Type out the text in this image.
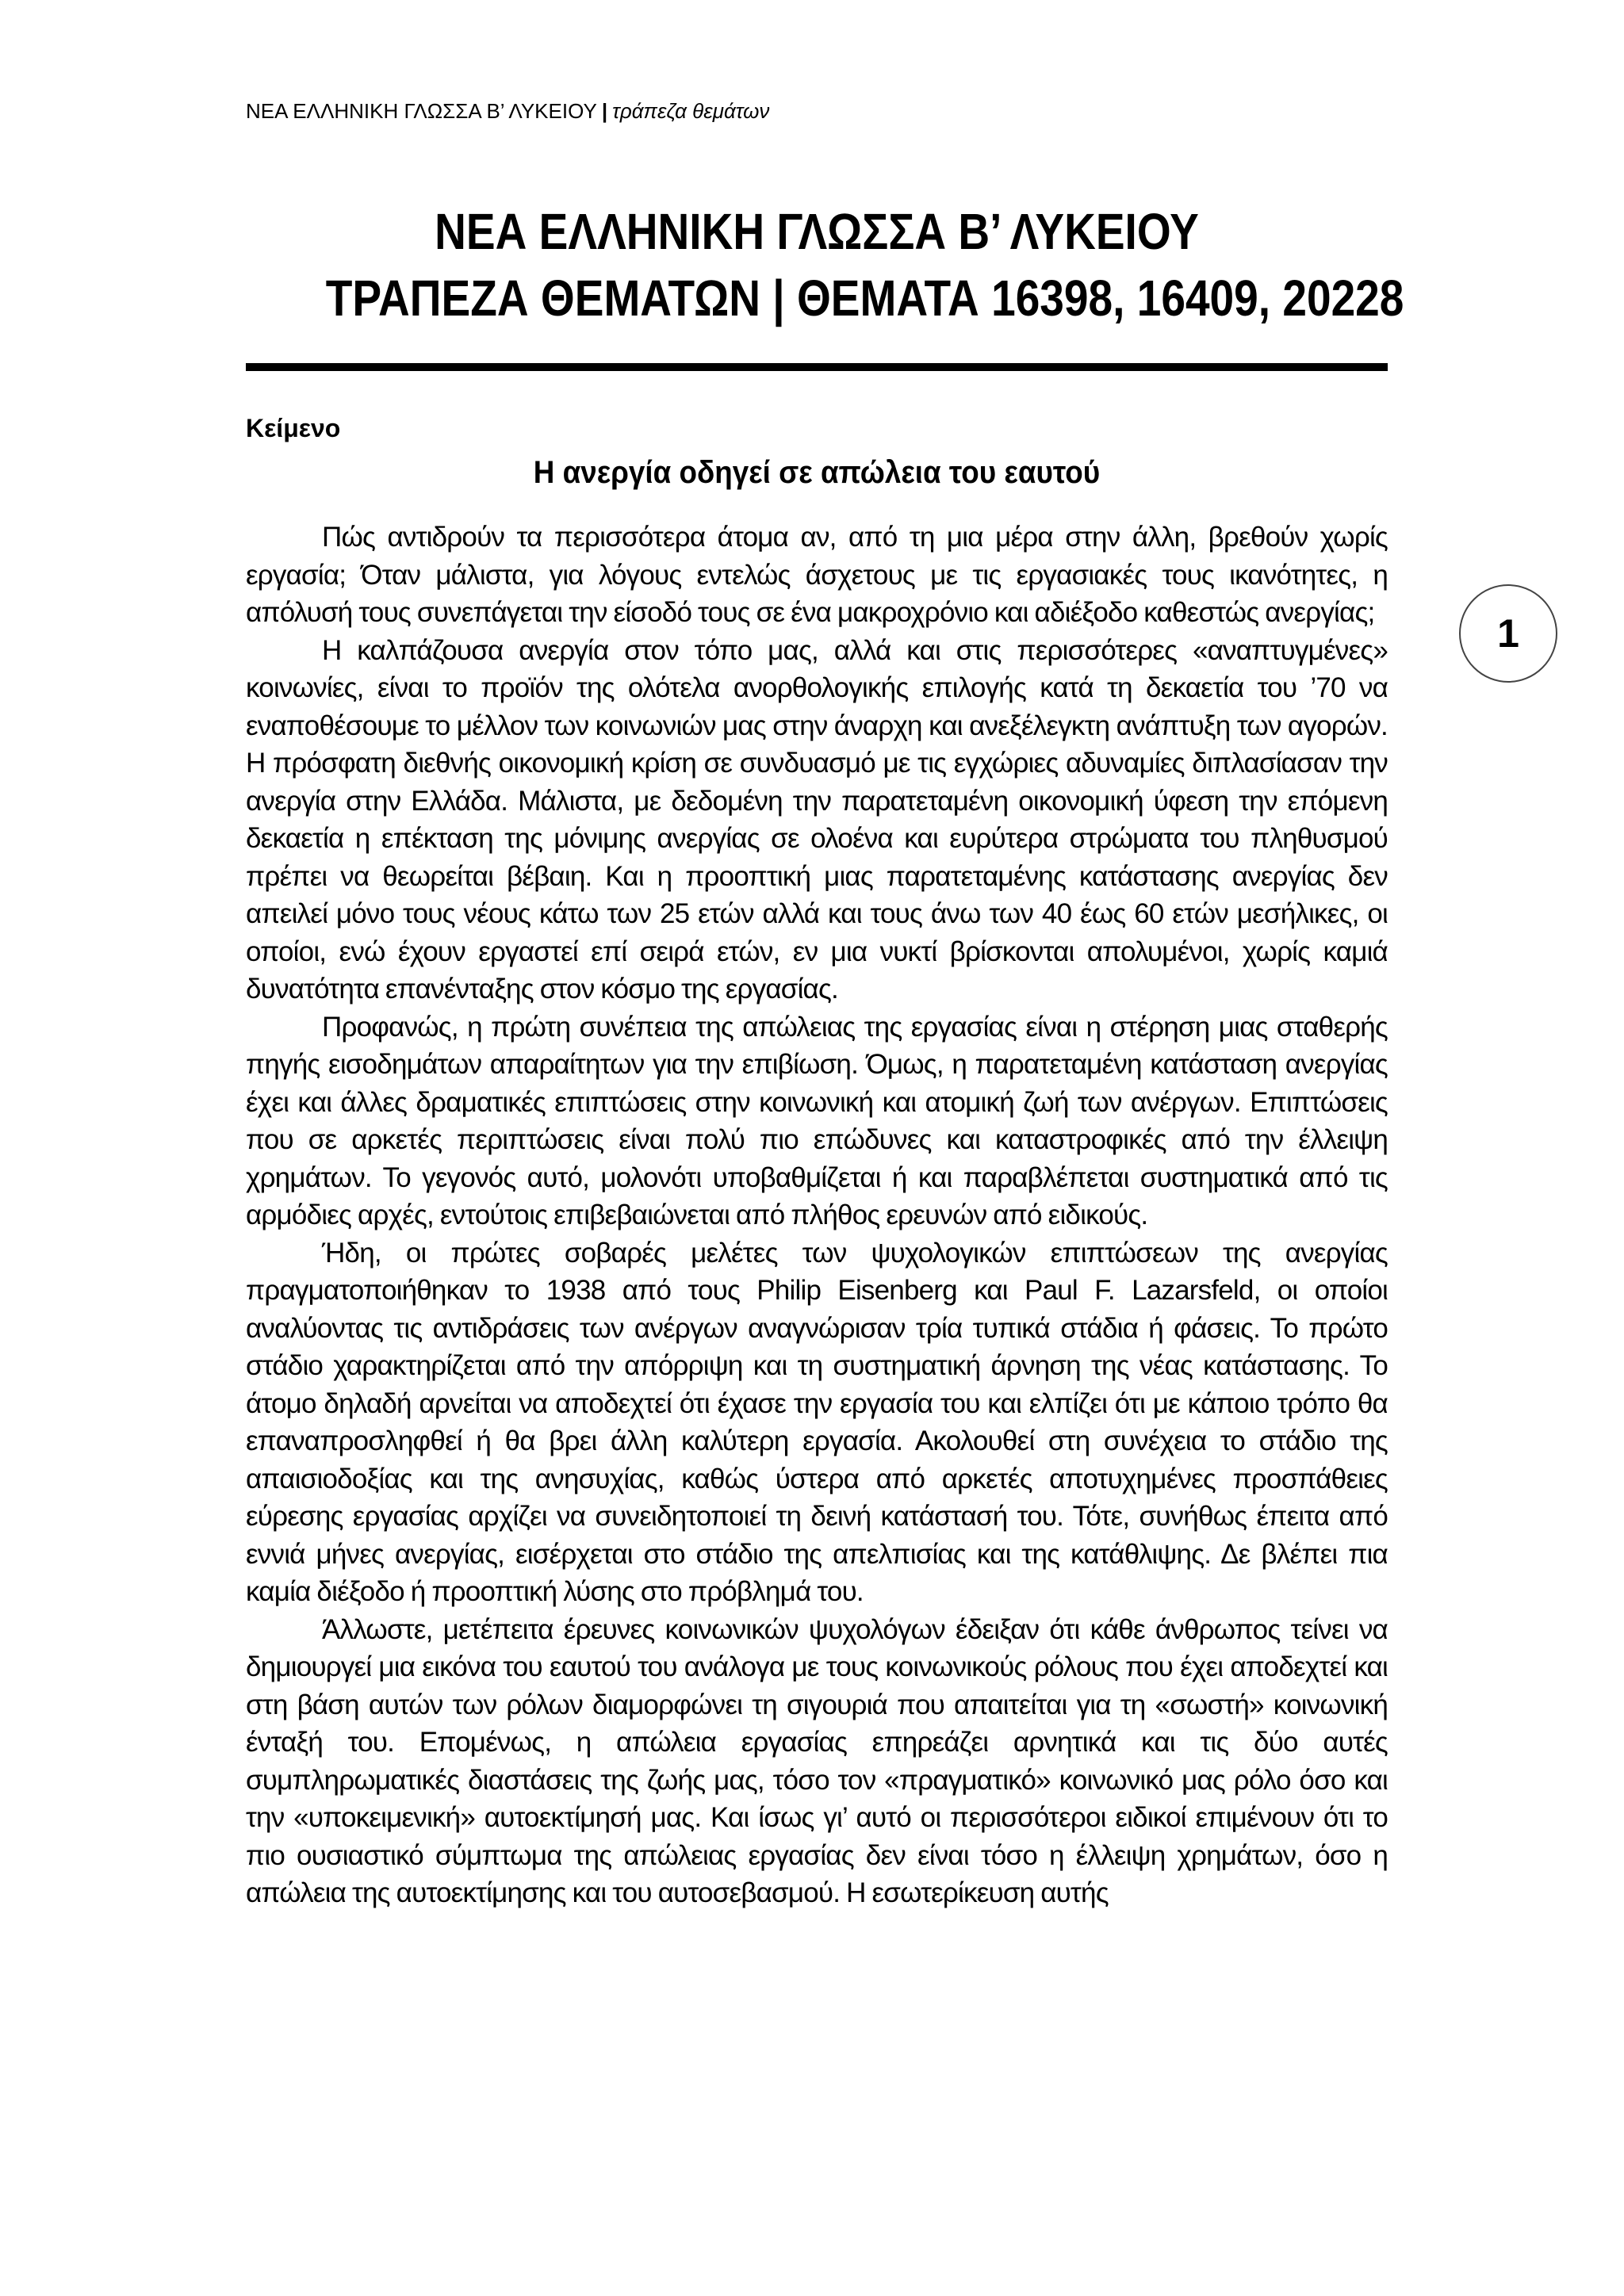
ΝΕΑ ΕΛΛΗΝΙΚΗ ΓΛΩΣΣΑ Β’ ΛΥΚΕΙΟΥ | τράπεζα θεμάτων
ΝΕΑ ΕΛΛΗΝΙΚΗ ΓΛΩΣΣΑ Β’ ΛΥΚΕΙΟΥ
ΤΡΑΠΕΖΑ ΘΕΜΑΤΩΝ | ΘΕΜΑΤΑ 16398, 16409, 20228
Κείμενο
Η ανεργία οδηγεί σε απώλεια του εαυτού
1

Πώς αντιδρούν τα περισσότερα άτομα αν, από τη μια μέρα στην άλλη, βρεθούν χωρίς εργασία; Όταν μάλιστα, για λόγους εντελώς άσχετους με τις εργασιακές τους ικανότητες, η απόλυσή τους συνεπάγεται την είσοδό τους σε ένα μακροχρόνιο και αδιέξοδο καθεστώς ανεργίας;

Η καλπάζουσα ανεργία στον τόπο μας, αλλά και στις περισσότερες «αναπτυγμένες» κοινωνίες, είναι το προϊόν της ολότελα ανορθολογικής επιλογής κατά τη δεκαετία του ’70 να εναποθέσουμε το μέλλον των κοινωνιών μας στην άναρχη και ανεξέλεγκτη ανάπτυξη των αγορών. Η πρόσφατη διεθνής οικονομική κρίση σε συνδυασμό με τις εγχώριες αδυναμίες διπλασίασαν την ανεργία στην Ελλάδα. Μάλιστα, με δεδομένη την παρατεταμένη οικονομική ύφεση την επόμενη δεκαετία η επέκταση της μόνιμης ανεργίας σε ολοένα και ευρύτερα στρώματα του πληθυσμού πρέπει να θεωρείται βέβαιη. Και η προοπτική μιας παρατεταμένης κατάστασης ανεργίας δεν απειλεί μόνο τους νέους κάτω των 25 ετών αλλά και τους άνω των 40 έως 60 ετών μεσήλικες, οι οποίοι, ενώ έχουν εργαστεί επί σειρά ετών, εν μια νυκτί βρίσκονται απολυμένοι, χωρίς καμιά δυνατότητα επανένταξης στον κόσμο της εργασίας.

Προφανώς, η πρώτη συνέπεια της απώλειας της εργασίας είναι η στέρηση μιας σταθερής πηγής εισοδημάτων απαραίτητων για την επιβίωση. Όμως, η παρατεταμένη κατάσταση ανεργίας έχει και άλλες δραματικές επιπτώσεις στην κοινωνική και ατομική ζωή των ανέργων. Επιπτώσεις που σε αρκετές περιπτώσεις είναι πολύ πιο επώδυνες και καταστροφικές από την έλλειψη χρημάτων. Το γεγονός αυτό, μολονότι υποβαθμίζεται ή και παραβλέπεται συστηματικά από τις αρμόδιες αρχές, εντούτοις επιβεβαιώνεται από πλήθος ερευνών από ειδικούς.

Ήδη, οι πρώτες σοβαρές μελέτες των ψυχολογικών επιπτώσεων της ανεργίας πραγματοποιήθηκαν το 1938 από τους Philip Eisenberg και Paul F. Lazarsfeld, οι οποίοι αναλύοντας τις αντιδράσεις των ανέργων αναγνώρισαν τρία τυπικά στάδια ή φάσεις. Το πρώτο στάδιο χαρακτηρίζεται από την απόρριψη και τη συστηματική άρνηση της νέας κατάστασης. Το άτομο δηλαδή αρνείται να αποδεχτεί ότι έχασε την εργασία του και ελπίζει ότι με κάποιο τρόπο θα επαναπροσληφθεί ή θα βρει άλλη καλύτερη εργασία. Ακολουθεί στη συνέχεια το στάδιο της απαισιοδοξίας και της ανησυχίας, καθώς ύστερα από αρκετές αποτυχημένες προσπάθειες εύρεσης εργασίας αρχίζει να συνειδητοποιεί τη δεινή κατάστασή του. Τότε, συνήθως έπειτα από εννιά μήνες ανεργίας, εισέρχεται στο στάδιο της απελπισίας και της κατάθλιψης. Δε βλέπει πια καμία διέξοδο ή προοπτική λύσης στο πρόβλημά του.

Άλλωστε, μετέπειτα έρευνες κοινωνικών ψυχολόγων έδειξαν ότι κάθε άνθρωπος τείνει να δημιουργεί μια εικόνα του εαυτού του ανάλογα με τους κοινωνικούς ρόλους που έχει αποδεχτεί και στη βάση αυτών των ρόλων διαμορφώνει τη σιγουριά που απαιτείται για τη «σωστή» κοινωνική ένταξή του. Επομένως, η απώλεια εργασίας επηρεάζει αρνητικά και τις δύο αυτές συμπληρωματικές διαστάσεις της ζωής μας, τόσο τον «πραγματικό» κοινωνικό μας ρόλο όσο και την «υποκειμενική» αυτοεκτίμησή μας. Και ίσως γι’ αυτό οι περισσότεροι ειδικοί επιμένουν ότι το πιο ουσιαστικό σύμπτωμα της απώλειας εργασίας δεν είναι τόσο η έλλειψη χρημάτων, όσο η απώλεια της αυτοεκτίμησης και του αυτοσεβασμού. Η εσωτερίκευση αυτής
